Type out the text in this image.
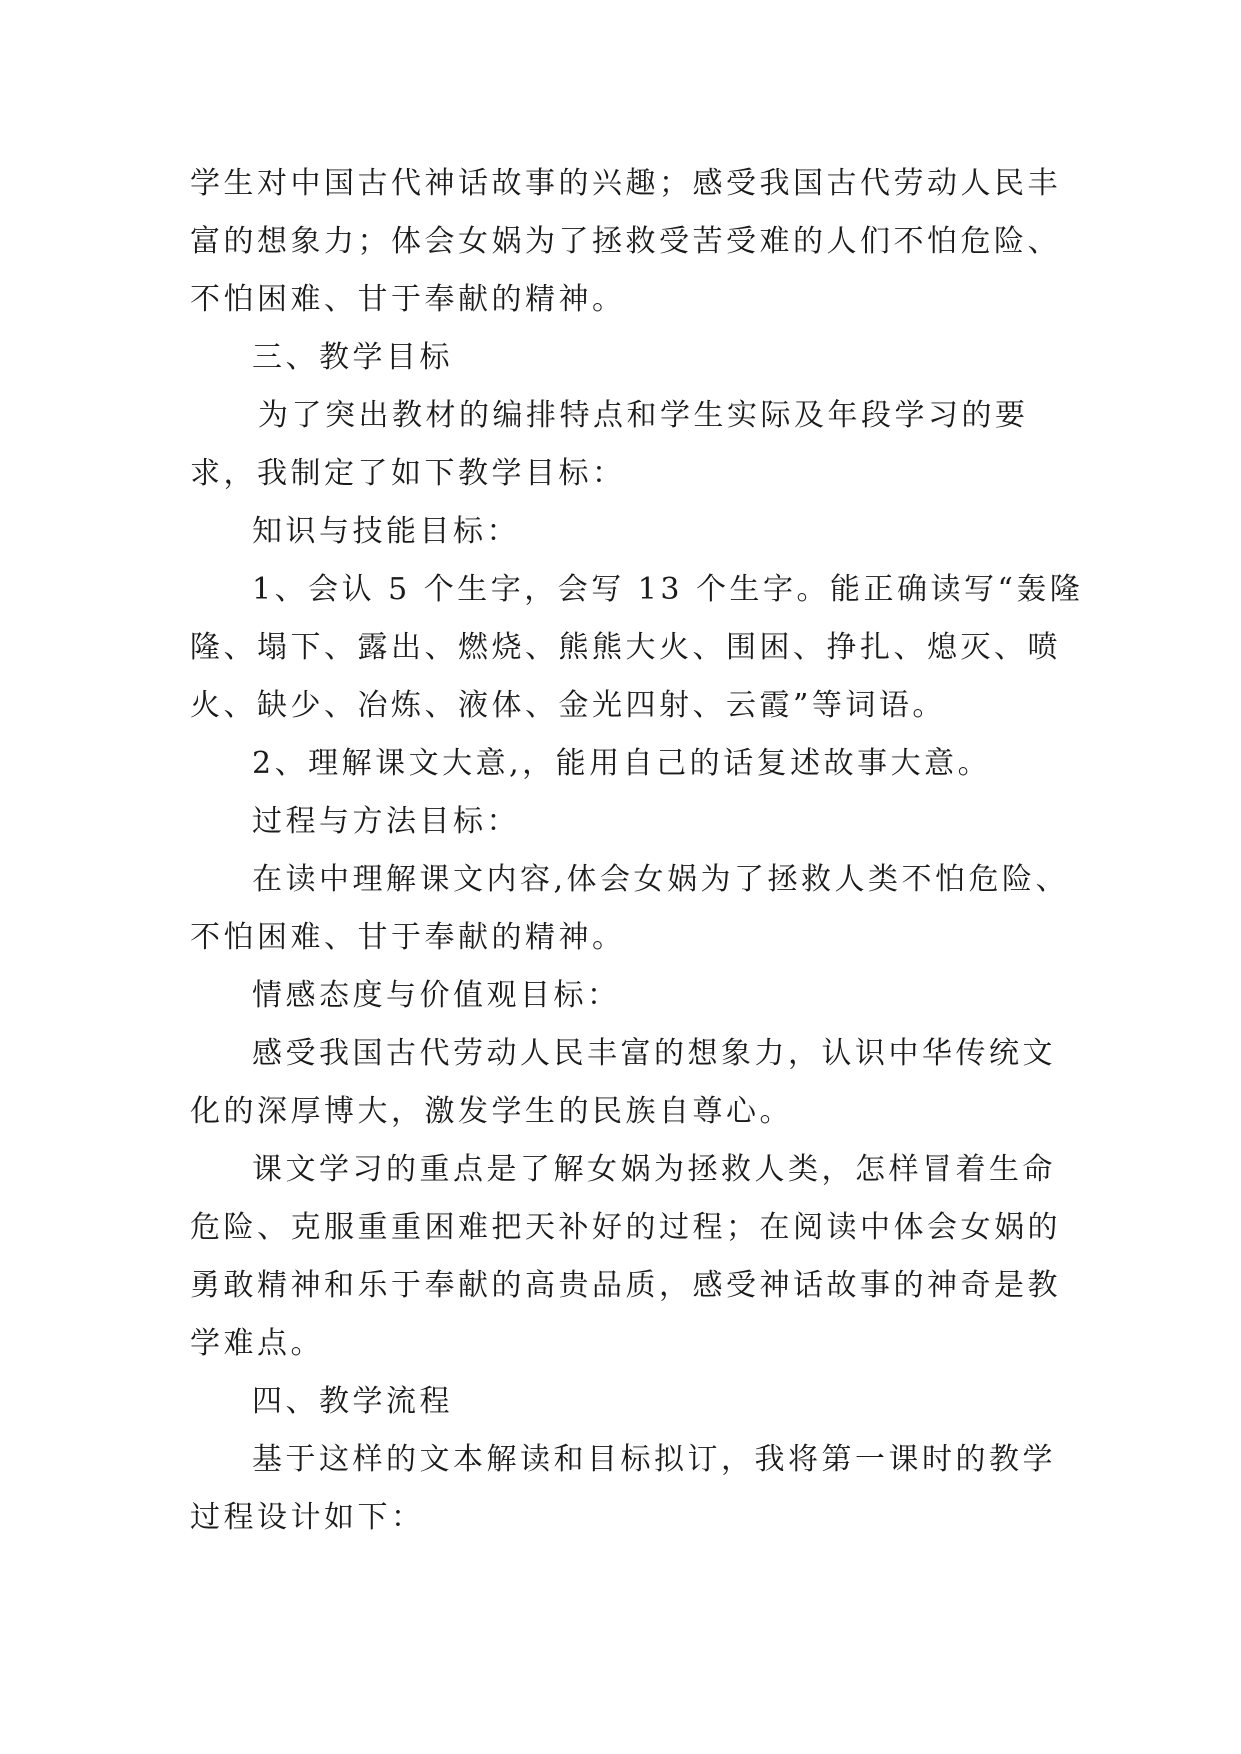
学生对中国古代神话故事的兴趣；感受我国古代劳动人民丰
富的想象力；体会女娲为了拯救受苦受难的人们不怕危险、
不怕困难、甘于奉献的精神。
三、教学目标
为了突出教材的编排特点和学生实际及年段学习的要
求，我制定了如下教学目标：
知识与技能目标：
1、会认 5 个生字，会写 13 个生字。能正确读写“轰隆
隆、塌下、露出、燃烧、熊熊大火、围困、挣扎、熄灭、喷
火、缺少、冶炼、液体、金光四射、云霞”等词语。
2、理解课文大意,，能用自己的话复述故事大意。
过程与方法目标：
在读中理解课文内容,体会女娲为了拯救人类不怕危险、
不怕困难、甘于奉献的精神。
情感态度与价值观目标：
感受我国古代劳动人民丰富的想象力，认识中华传统文
化的深厚博大，激发学生的民族自尊心。
课文学习的重点是了解女娲为拯救人类，怎样冒着生命
危险、克服重重困难把天补好的过程；在阅读中体会女娲的
勇敢精神和乐于奉献的高贵品质，感受神话故事的神奇是教
学难点。
四、教学流程
基于这样的文本解读和目标拟订，我将第一课时的教学
过程设计如下：
